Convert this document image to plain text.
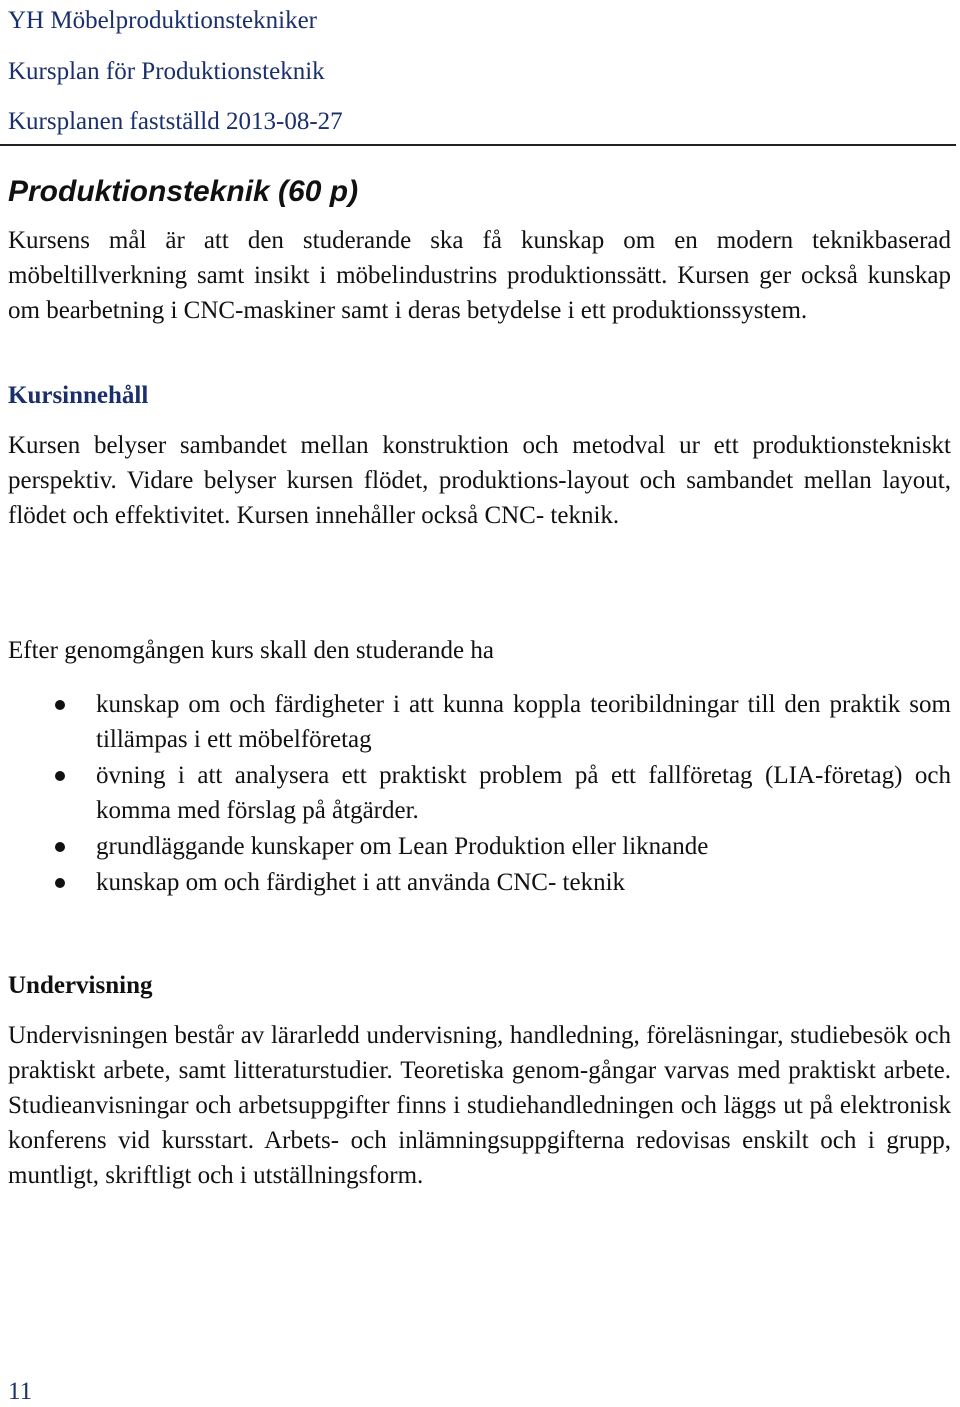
YH Möbelproduktionstekniker
Kursplan för Produktionsteknik
Kursplanen fastställd 2013-08-27
Produktionsteknik (60 p)
Kursens mål är att den studerande ska få kunskap om en modern teknikbaserad möbeltillverkning samt insikt i möbelindustrins produktionssätt. Kursen ger också kunskap om bearbetning i CNC-maskiner samt i deras betydelse i ett produktionssystem.
Kursinnehåll
Kursen belyser sambandet mellan konstruktion och metodval ur ett produktionstekniskt perspektiv. Vidare belyser kursen flödet, produktions-layout och sambandet mellan layout, flödet och effektivitet. Kursen innehåller också CNC- teknik.
Efter genomgången kurs skall den studerande ha
kunskap om och färdigheter i att kunna koppla teoribildningar till den praktik som tillämpas i ett möbelföretag
övning i att analysera ett praktiskt problem på ett fallföretag (LIA-företag) och komma med förslag på åtgärder.
grundläggande kunskaper om Lean Produktion eller liknande
kunskap om och färdighet i att använda CNC- teknik
Undervisning
Undervisningen består av lärarledd undervisning, handledning, föreläsningar, studiebesök och praktiskt arbete, samt litteraturstudier. Teoretiska genom-gångar varvas med praktiskt arbete. Studieanvisningar och arbetsuppgifter finns i studiehandledningen och läggs ut på elektronisk konferens vid kursstart. Arbets- och inlämningsuppgifterna redovisas enskilt och i grupp, muntligt, skriftligt och i utställningsform.
11
